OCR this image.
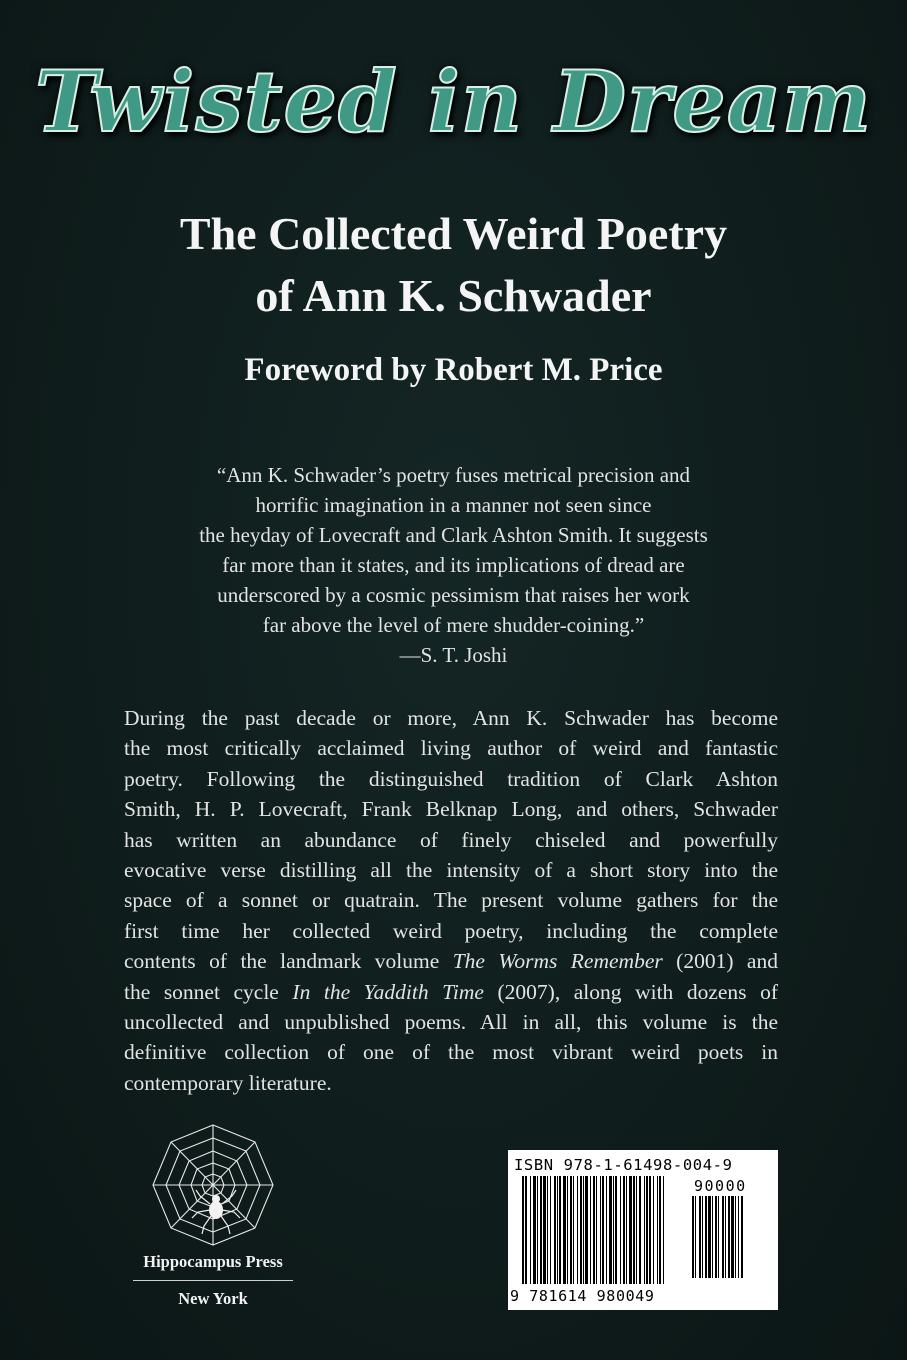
Twisted in Dream
The Collected Weird Poetry
of Ann K. Schwader
Foreword by Robert M. Price
“Ann K. Schwader’s poetry fuses metrical precision and
horrific imagination in a manner not seen since
the heyday of Lovecraft and Clark Ashton Smith. It suggests
far more than it states, and its implications of dread are
underscored by a cosmic pessimism that raises her work
far above the level of mere shudder-coining.”
—S. T. Joshi
During the past decade or more, Ann K. Schwader has become
the most critically acclaimed living author of weird and fantastic
poetry. Following the distinguished tradition of Clark Ashton
Smith, H. P. Lovecraft, Frank Belknap Long, and others, Schwader
has written an abundance of finely chiseled and powerfully
evocative verse distilling all the intensity of a short story into the
space of a sonnet or quatrain. The present volume gathers for the
first time her collected weird poetry, including the complete
contents of the landmark volume The Worms Remember (2001) and
the sonnet cycle In the Yaddith Time (2007), along with dozens of
uncollected and unpublished poems. All in all, this volume is the
definitive collection of one of the most vibrant weird poets in
contemporary literature.
Hippocampus Press
New York
ISBN 978-1-61498-004-9
90000
9 781614 980049
